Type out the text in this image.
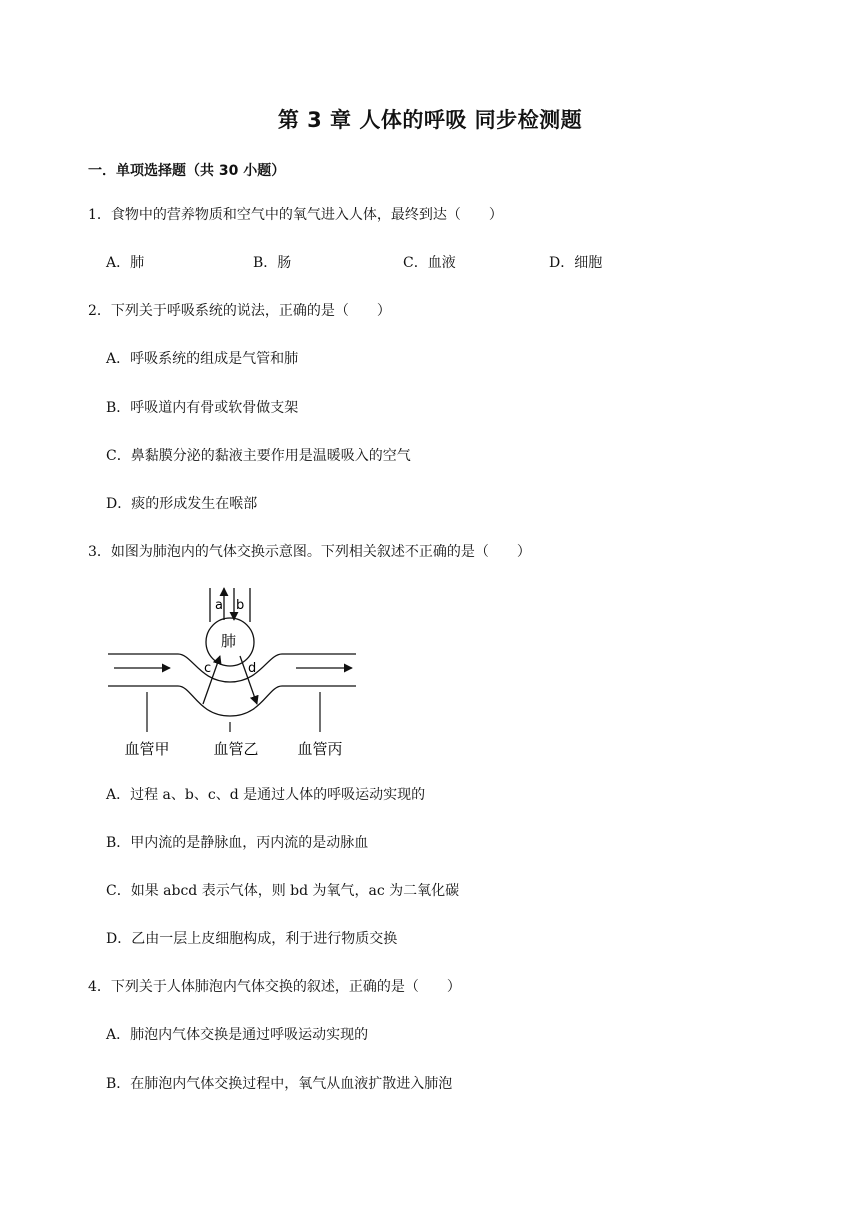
第 3 章 人体的呼吸 同步检测题
一．单项选择题（共 30 小题）
1．食物中的营养物质和空气中的氧气进入人体，最终到达（　　）
A．肺	B．肠	C．血液	D．细胞
2．下列关于呼吸系统的说法，正确的是（　　）
A．呼吸系统的组成是气管和肺
B．呼吸道内有骨或软骨做支架
C．鼻黏膜分泌的黏液主要作用是温暖吸入的空气
D．痰的形成发生在喉部
3．如图为肺泡内的气体交换示意图。下列相关叙述不正确的是（　　）
a b
肺
c	d
血管甲	血管乙	血管丙
A．过程 a、b、c、d 是通过人体的呼吸运动实现的
B．甲内流的是静脉血，丙内流的是动脉血
C．如果 abcd 表示气体，则 bd 为氧气，ac 为二氧化碳
D．乙由一层上皮细胞构成，利于进行物质交换
4．下列关于人体肺泡内气体交换的叙述，正确的是（　　）
A．肺泡内气体交换是通过呼吸运动实现的
B．在肺泡内气体交换过程中，氧气从血液扩散进入肺泡
